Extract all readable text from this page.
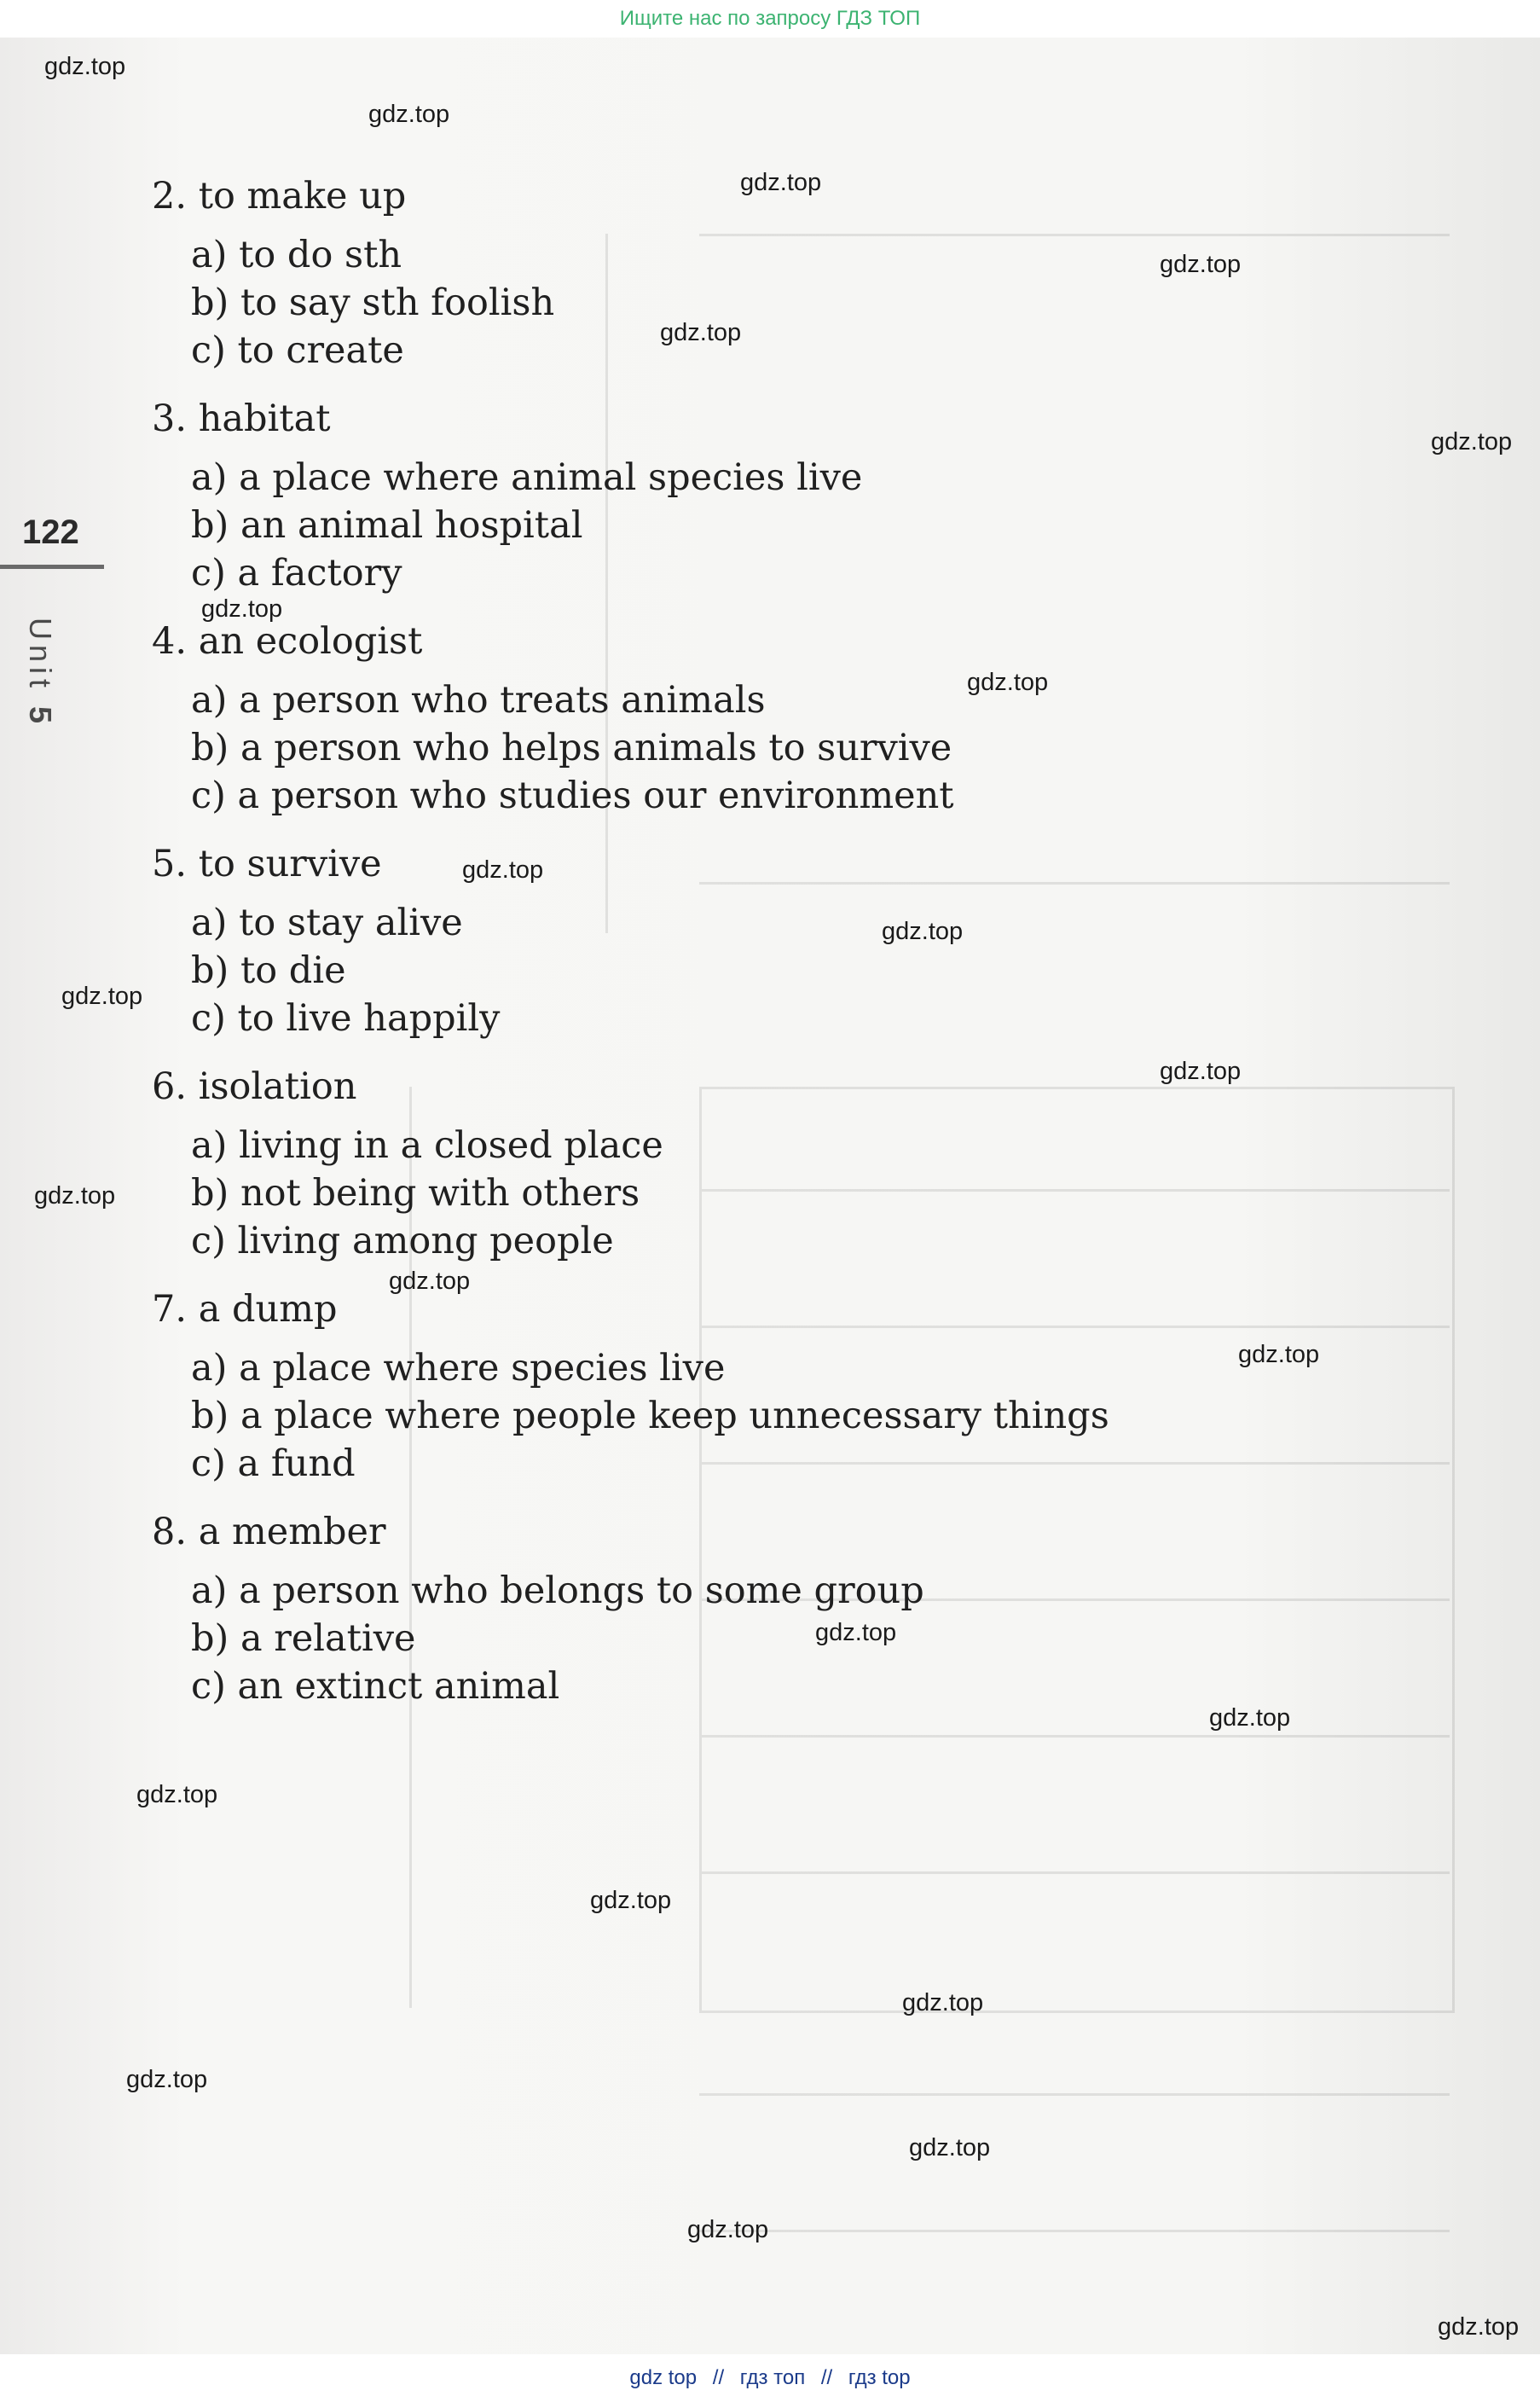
Ищите нас по запросу ГДЗ ТОП
122
Unit 5
2. to make up
a) to do sth
b) to say sth foolish
c) to create
3. habitat
a) a place where animal species live
b) an animal hospital
c) a factory
4. an ecologist
a) a person who treats animals
b) a person who helps animals to survive
c) a person who studies our environment
5. to survive
a) to stay alive
b) to die
c) to live happily
6. isolation
a) living in a closed place
b) not being with others
c) living among people
7. a dump
a) a place where species live
b) a place where people keep unnecessary things
c) a fund
8. a member
a) a person who belongs to some group
b) a relative
c) an extinct animal
gdz.top
gdz.top
gdz.top
gdz.top
gdz.top
gdz.top
gdz.top
gdz.top
gdz.top
gdz.top
gdz.top
gdz.top
gdz.top
gdz.top
gdz.top
gdz.top
gdz.top
gdz.top
gdz.top
gdz.top
gdz.top
gdz.top
gdz.top
gdz.top
gdz top // гдз топ // гдз top
